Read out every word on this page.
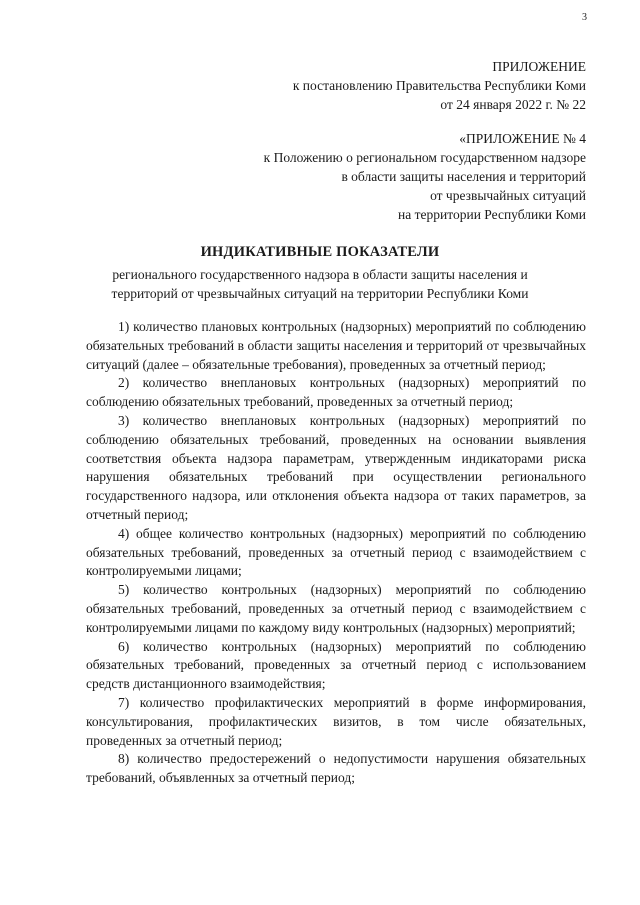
3
ПРИЛОЖЕНИЕ
к постановлению Правительства Республики Коми
от 24 января 2022 г. № 22
«ПРИЛОЖЕНИЕ № 4
к Положению о региональном государственном надзоре
в области защиты населения и территорий
от чрезвычайных ситуаций
на территории Республики Коми
ИНДИКАТИВНЫЕ ПОКАЗАТЕЛИ
регионального государственного надзора в области защиты населения и
территорий от чрезвычайных ситуаций на территории Республики Коми

1) количество плановых контрольных (надзорных) мероприятий по соблюдению обязательных требований в области защиты населения и территорий от чрезвычайных ситуаций (далее – обязательные требования), проведенных за отчетный период;

2) количество внеплановых контрольных (надзорных) мероприятий по соблюдению обязательных требований, проведенных за отчетный период;

3) количество внеплановых контрольных (надзорных) мероприятий по соблюдению обязательных требований, проведенных на основании выявления соответствия объекта надзора параметрам, утвержденным индикаторами риска нарушения обязательных требований при осуществлении регионального государственного надзора, или отклонения объекта надзора от таких параметров, за отчетный период;

4) общее количество контрольных (надзорных) мероприятий по соблюдению обязательных требований, проведенных за отчетный период с взаимодействием с контролируемыми лицами;

5) количество контрольных (надзорных) мероприятий по соблюдению обязательных требований, проведенных за отчетный период с взаимодействием с контролируемыми лицами по каждому виду контрольных (надзорных) мероприятий;

6) количество контрольных (надзорных) мероприятий по соблюдению обязательных требований, проведенных за отчетный период с использованием средств дистанционного взаимодействия;

7) количество профилактических мероприятий в форме информирования, консультирования, профилактических визитов, в том числе обязательных, проведенных за отчетный период;

8) количество предостережений о недопустимости нарушения обязательных требований, объявленных за отчетный период;
